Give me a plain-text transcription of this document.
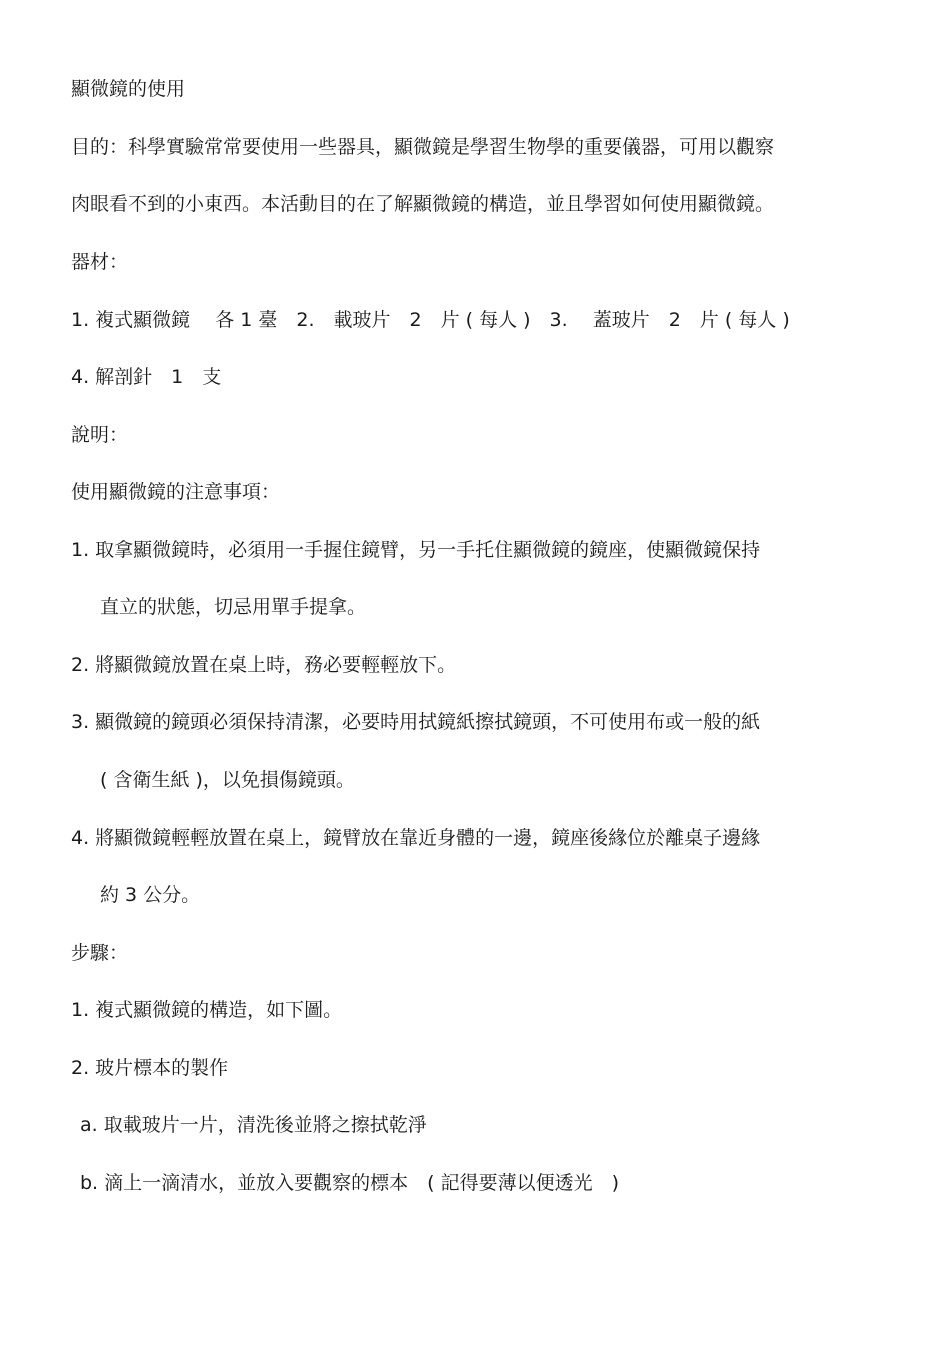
顯微鏡的使用
目的：科學實驗常常要使用一些器具，顯微鏡是學習生物學的重要儀器，可用以觀察
肉眼看不到的小東西。本活動目的在了解顯微鏡的構造，並且學習如何使用顯微鏡。
器材：
1. 複式顯微鏡　 各 1 臺　2.　載玻片　2　片 ( 每人 )　3.　 蓋玻片　2　片 ( 每人 )
4. 解剖針　1　支
說明：
使用顯微鏡的注意事項：
1. 取拿顯微鏡時，必須用一手握住鏡臂，另一手托住顯微鏡的鏡座，使顯微鏡保持
直立的狀態，切忌用單手提拿。
2. 將顯微鏡放置在桌上時，務必要輕輕放下。
3. 顯微鏡的鏡頭必須保持清潔，必要時用拭鏡紙擦拭鏡頭，不可使用布或一般的紙
( 含衛生紙 )，以免損傷鏡頭。
4. 將顯微鏡輕輕放置在桌上，鏡臂放在靠近身體的一邊，鏡座後緣位於離桌子邊緣
約 3 公分。
步驟：
1. 複式顯微鏡的構造，如下圖。
2. 玻片標本的製作
a. 取載玻片一片，清洗後並將之擦拭乾淨
b. 滴上一滴清水，並放入要觀察的標本　( 記得要薄以便透光　)
